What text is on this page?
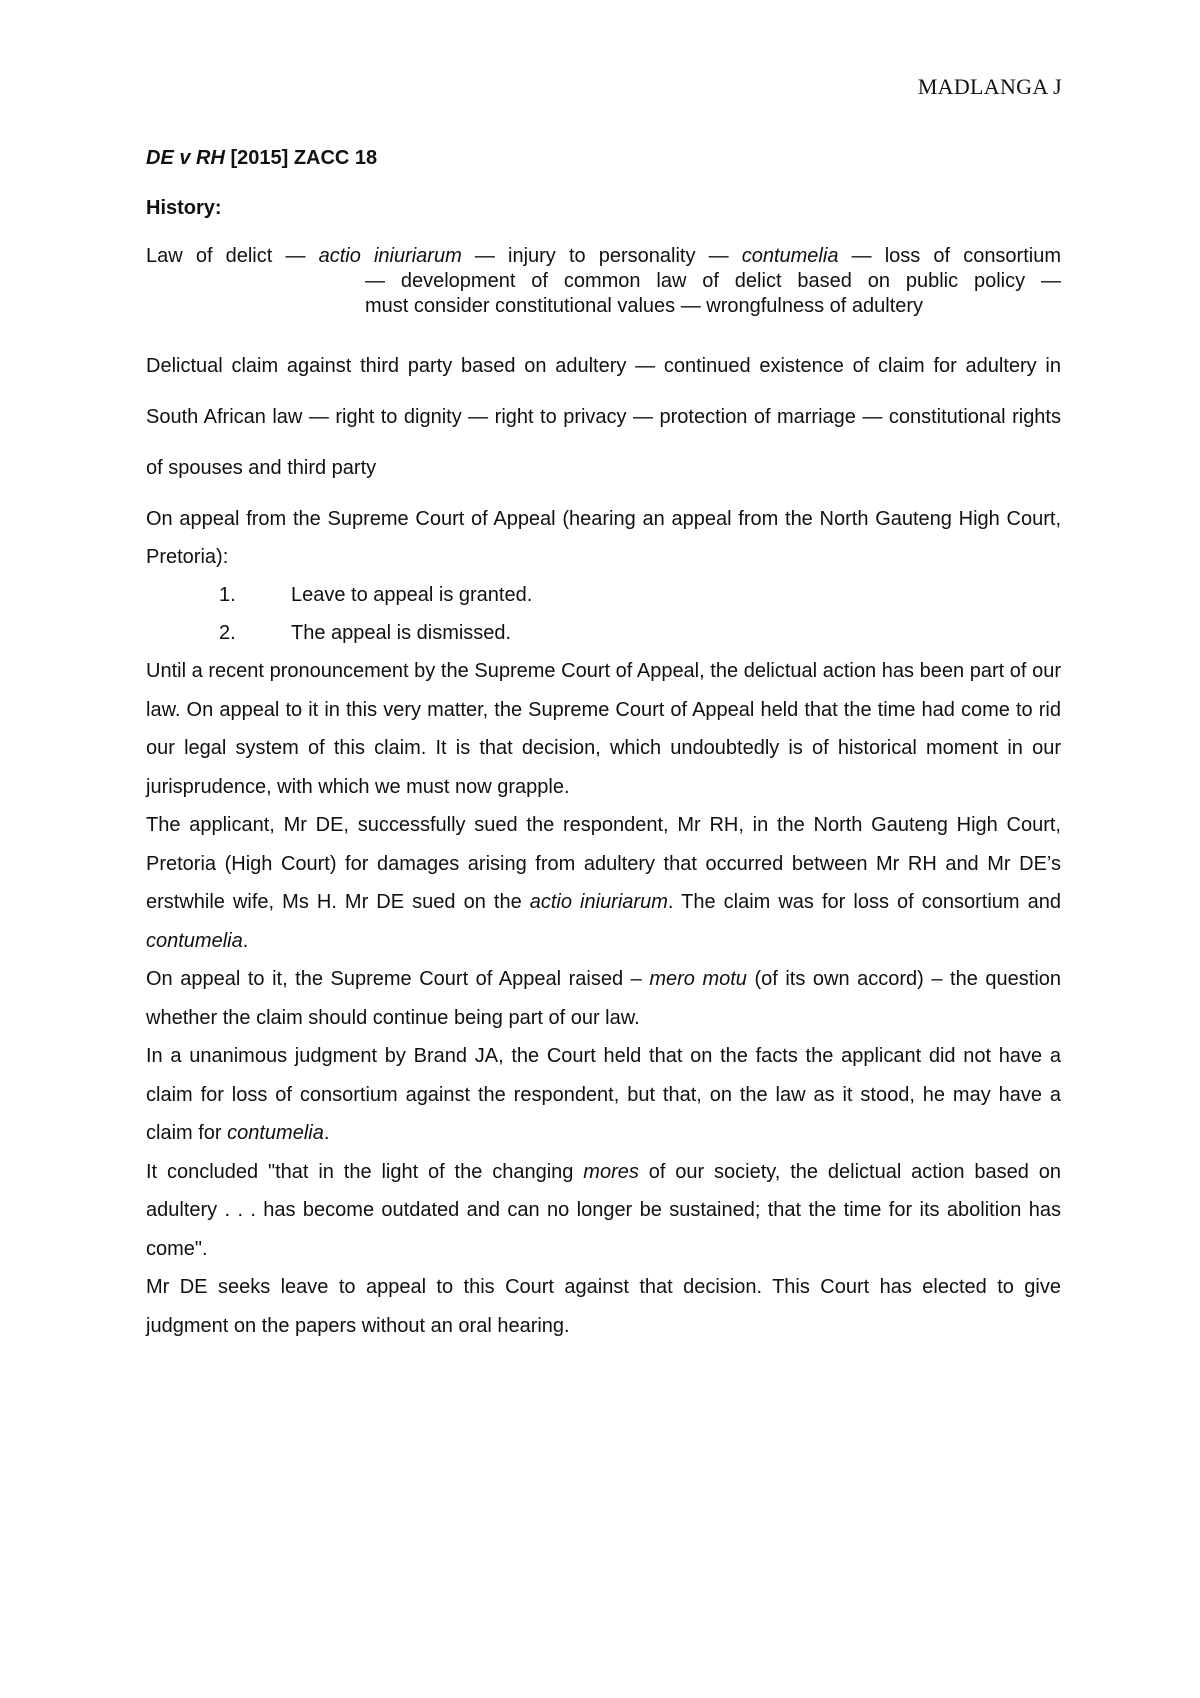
MADLANGA J

DE v RH [2015] ZACC 18

History:

Law of delict — actio iniuriarum — injury to personality — contumelia — loss of consortium
— development of common law of delict based on public policy —
must consider constitutional values — wrongfulness of adultery

Delictual claim against third party based on adultery — continued existence of claim for adultery in South African law — right to dignity — right to privacy — protection of marriage — constitutional rights of spouses and third party

On appeal from the Supreme Court of Appeal (hearing an appeal from the North Gauteng High Court, Pretoria):

1.	Leave to appeal is granted.
2.	The appeal is dismissed.

Until a recent pronouncement by the Supreme Court of Appeal, the delictual action has been part of our law. On appeal to it in this very matter, the Supreme Court of Appeal held that the time had come to rid our legal system of this claim. It is that decision, which undoubtedly is of historical moment in our jurisprudence, with which we must now grapple.

The applicant, Mr DE, successfully sued the respondent, Mr RH, in the North Gauteng High Court, Pretoria (High Court) for damages arising from adultery that occurred between Mr RH and Mr DE’s erstwhile wife, Ms H. Mr DE sued on the actio iniuriarum. The claim was for loss of consortium and contumelia.

On appeal to it, the Supreme Court of Appeal raised – mero motu (of its own accord) – the question whether the claim should continue being part of our law.

In a unanimous judgment by Brand JA, the Court held that on the facts the applicant did not have a claim for loss of consortium against the respondent, but that, on the law as it stood, he may have a claim for contumelia.

It concluded "that in the light of the changing mores of our society, the delictual action based on adultery . . . has become outdated and can no longer be sustained; that the time for its abolition has come".

Mr DE seeks leave to appeal to this Court against that decision. This Court has elected to give judgment on the papers without an oral hearing.
